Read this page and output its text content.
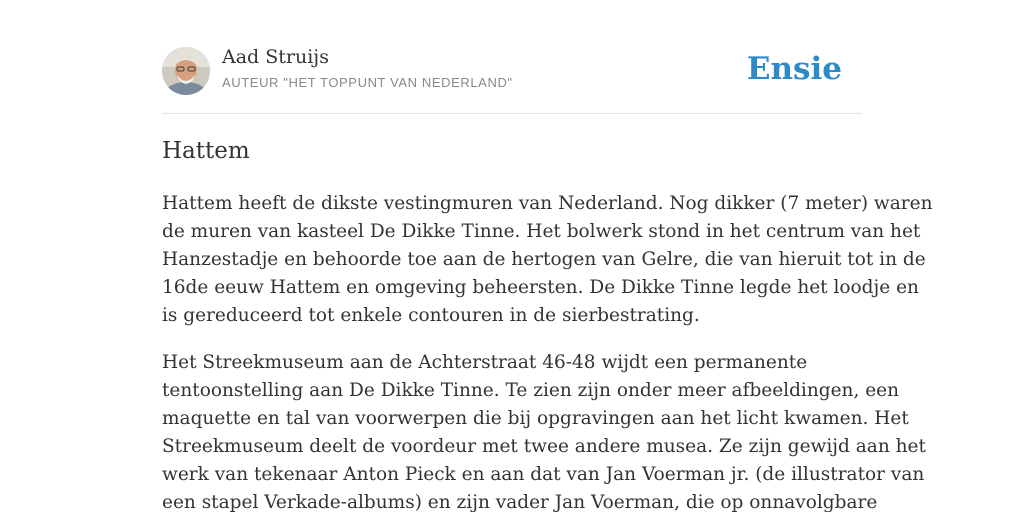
Aad Struijs
AUTEUR "HET TOPPUNT VAN NEDERLAND"	Ensie
Hattem

Hattem heeft de dikste vestingmuren van Nederland. Nog dikker (7 meter) waren
de muren van kasteel De Dikke Tinne. Het bolwerk stond in het centrum van het
Hanzestadje en behoorde toe aan de hertogen van Gelre, die van hieruit tot in de
16de eeuw Hattem en omgeving beheersten. De Dikke Tinne legde het loodje en
is gereduceerd tot enkele contouren in de sierbestrating.

Het Streekmuseum aan de Achterstraat 46-48 wijdt een permanente
tentoonstelling aan De Dikke Tinne. Te zien zijn onder meer afbeeldingen, een
maquette en tal van voorwerpen die bij opgravingen aan het licht kwamen. Het
Streekmuseum deelt de voordeur met twee andere musea. Ze zijn gewijd aan het
werk van tekenaar Anton Pieck en aan dat van Jan Voerman jr. (de illustrator van
een stapel Verkade-albums) en zijn vader Jan Voerman, die op onnavolgbare
